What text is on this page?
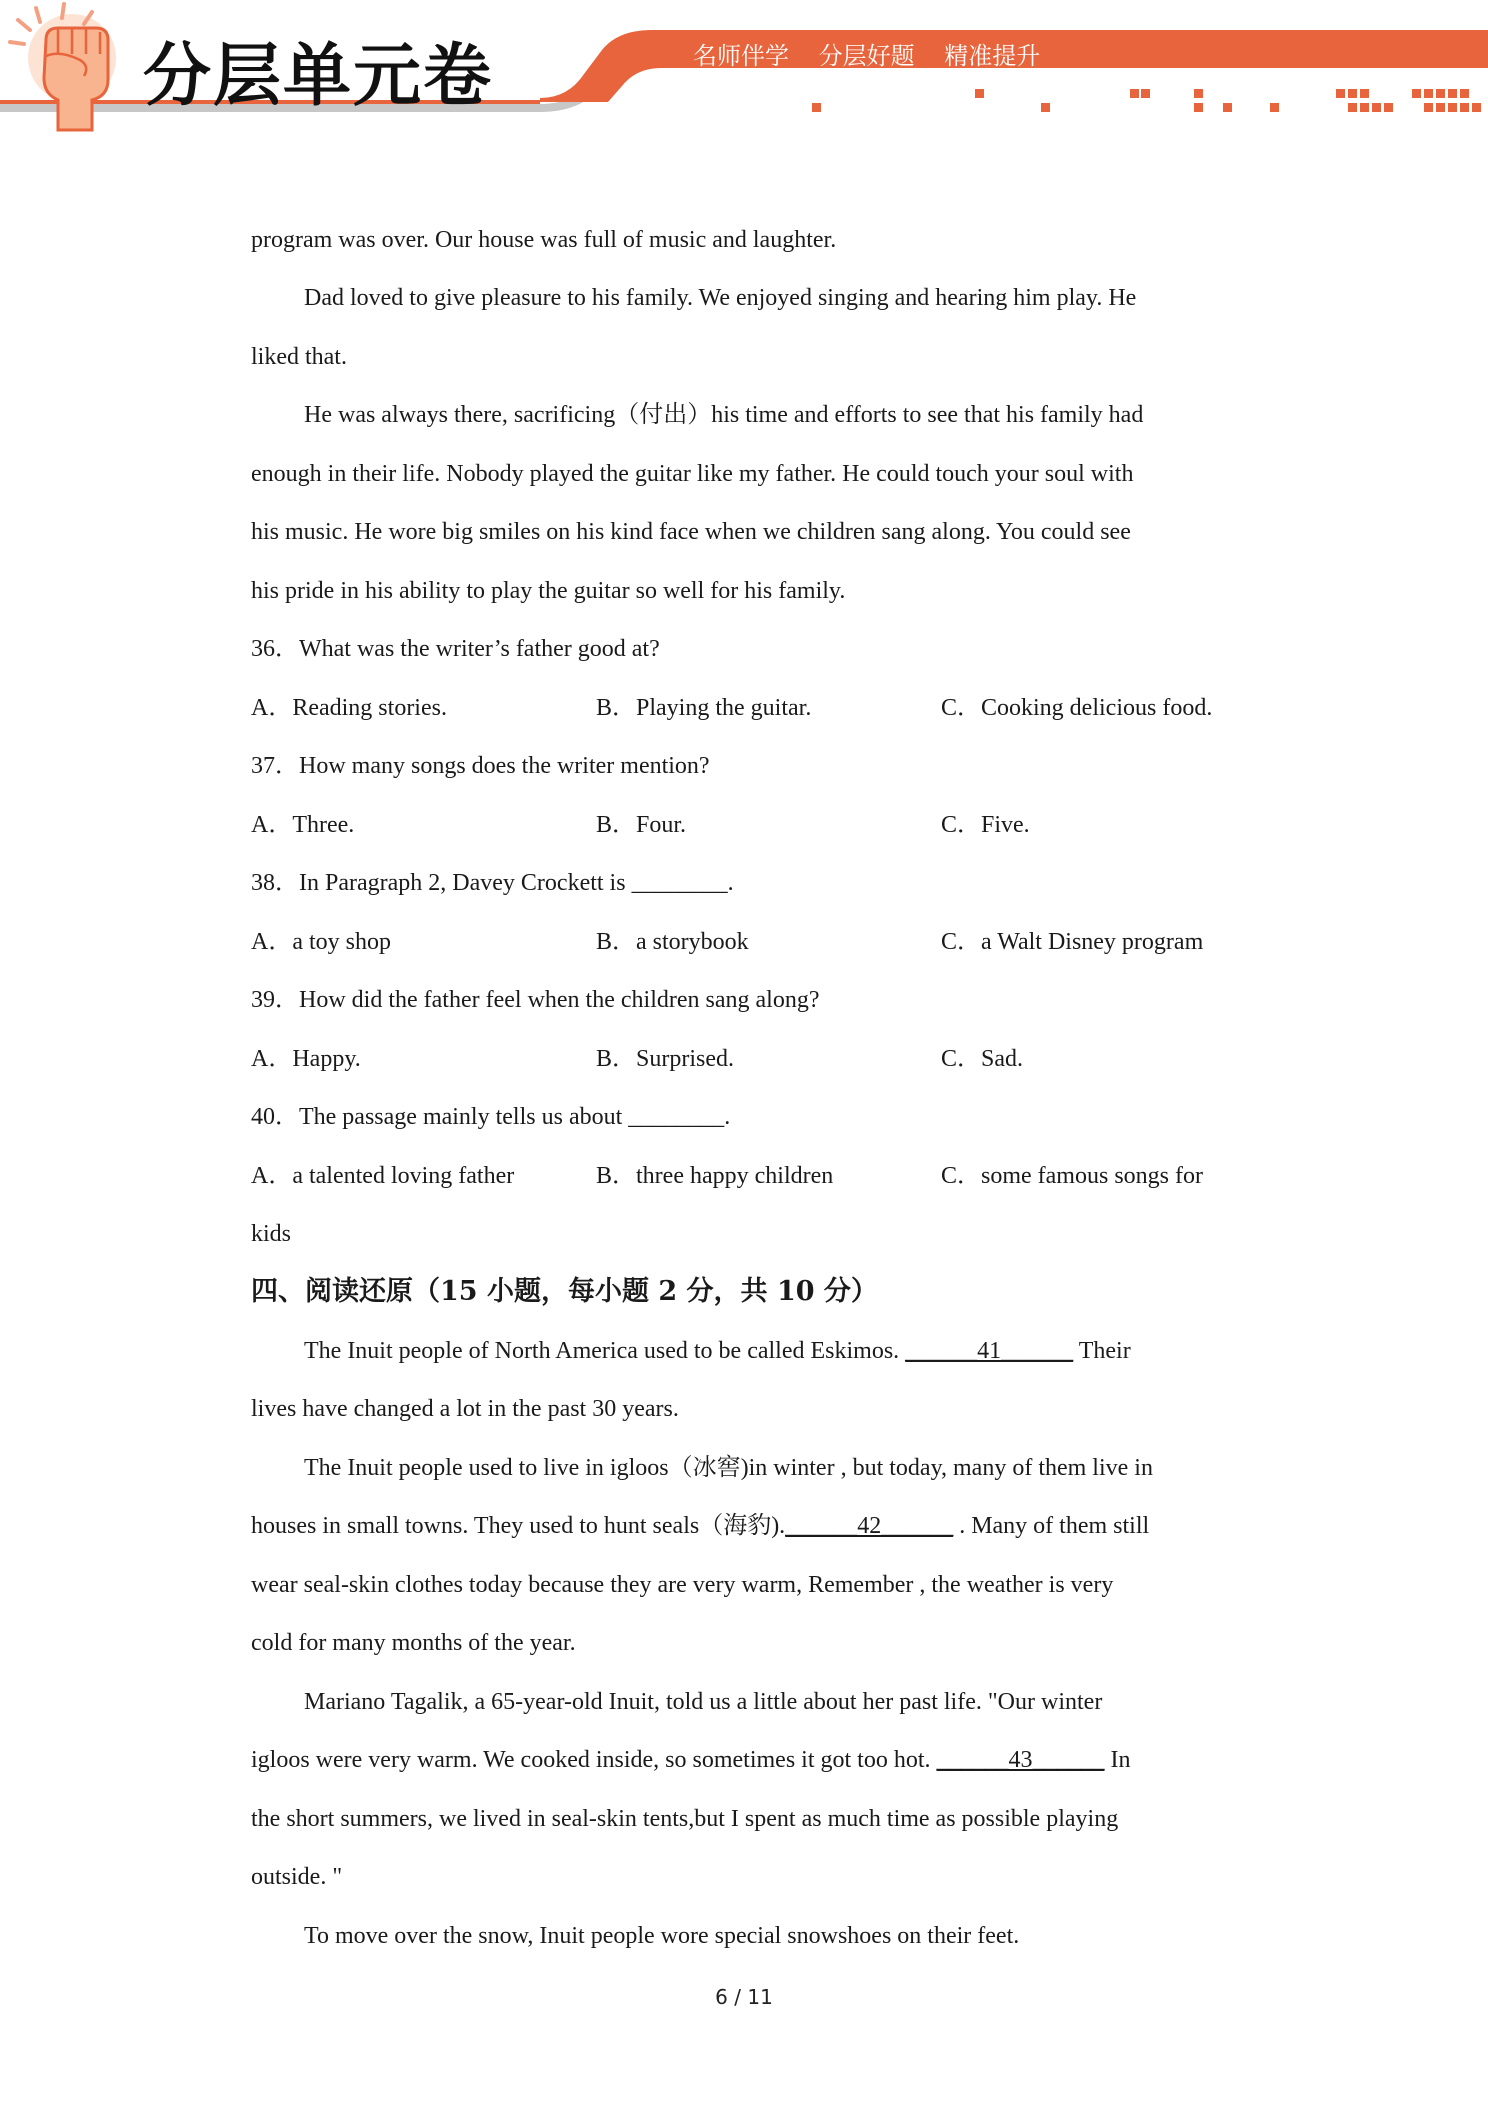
分层单元卷	名师伴学 分层好题 精准提升
program was over. Our house was full of music and laughter.
Dad loved to give pleasure to his family. We enjoyed singing and hearing him play. He
liked that.
He was always there, sacrificing（付出）his time and efforts to see that his family had
enough in their life. Nobody played the guitar like my father. He could touch your soul with
his music. He wore big smiles on his kind face when we children sang along. You could see
his pride in his ability to play the guitar so well for his family.
36．What was the writer’s father good at?
A．Reading stories.	B．Playing the guitar.	C．Cooking delicious food.
37．How many songs does the writer mention?
A．Three.	B．Four.	C．Five.
38．In Paragraph 2, Davey Crockett is ________.
A．a toy shop	B．a storybook	C．a Walt Disney program
39．How did the father feel when the children sang along?
A．Happy.	B．Surprised.	C．Sad.
40．The passage mainly tells us about ________.
A．a talented loving father	B．three happy children	C．some famous songs for
kids
四、阅读还原（15 小题，每小题 2 分，共 10 分）
The Inuit people of North America used to be called Eskimos. ______41______ Their
lives have changed a lot in the past 30 years.
The Inuit people used to live in igloos（冰窖)in winter , but today, many of them live in
houses in small towns. They used to hunt seals（海豹).______42______ . Many of them still
wear seal-skin clothes today because they are very warm, Remember , the weather is very
cold for many months of the year.
Mariano Tagalik, a 65-year-old Inuit, told us a little about her past life. "Our winter
igloos were very warm. We cooked inside, so sometimes it got too hot. ______43______ In
the short summers, we lived in seal-skin tents,but I spent as much time as possible playing
outside. "
To move over the snow, Inuit people wore special snowshoes on their feet.
6 / 11
